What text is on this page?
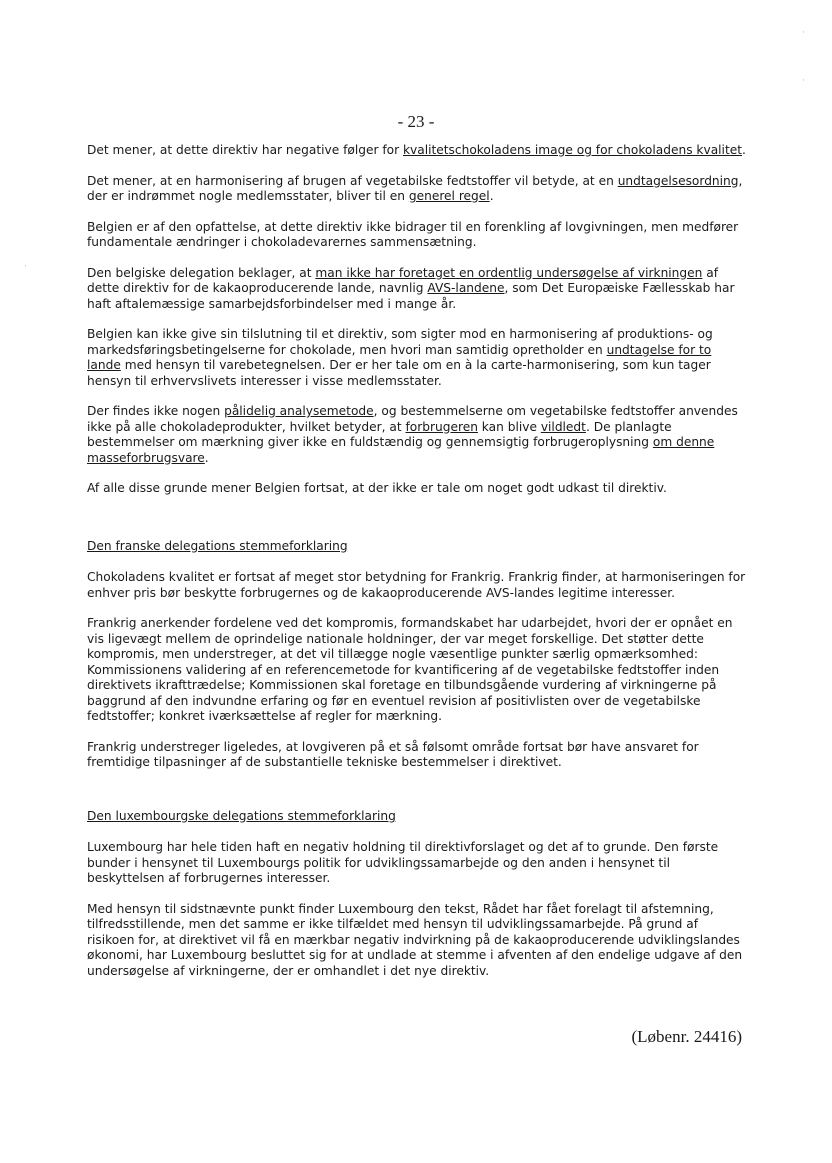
- 23 -
·
·
·

Det mener, at dette direktiv har negative følger for kvalitetschokoladens image og for chokoladens kvalitet.

Det mener, at en harmonisering af brugen af vegetabilske fedtstoffer vil betyde, at en undtagelsesordning, der er indrømmet nogle medlemsstater, bliver til en generel regel.

Belgien er af den opfattelse, at dette direktiv ikke bidrager til en forenkling af lovgivningen, men medfører fundamentale ændringer i chokoladevarernes sammensætning.

Den belgiske delegation beklager, at man ikke har foretaget en ordentlig undersøgelse af virkningen af dette direktiv for de kakaoproducerende lande, navnlig AVS-landene, som Det Europæiske Fællesskab har haft aftalemæssige samarbejdsforbindelser med i mange år.

Belgien kan ikke give sin tilslutning til et direktiv, som sigter mod en harmonisering af produktions- og markedsføringsbetingelserne for chokolade, men hvori man samtidig opretholder en undtagelse for to lande med hensyn til varebetegnelsen. Der er her tale om en à la carte-harmonisering, som kun tager hensyn til erhvervslivets interesser i visse medlemsstater.

Der findes ikke nogen pålidelig analysemetode, og bestemmelserne om vegetabilske fedtstoffer anvendes ikke på alle chokoladeprodukter, hvilket betyder, at forbrugeren kan blive vildledt. De planlagte bestemmelser om mærkning giver ikke en fuldstændig og gennemsigtig forbrugeroplysning om denne masseforbrugsvare.

Af alle disse grunde mener Belgien fortsat, at der ikke er tale om noget godt udkast til direktiv.

Den franske delegations stemmeforklaring

Chokoladens kvalitet er fortsat af meget stor betydning for Frankrig. Frankrig finder, at harmoniseringen for enhver pris bør beskytte forbrugernes og de kakaoproducerende AVS-landes legitime interesser.

Frankrig anerkender fordelene ved det kompromis, formandskabet har udarbejdet, hvori der er opnået en vis ligevægt mellem de oprindelige nationale holdninger, der var meget forskellige. Det støtter dette kompromis, men understreger, at det vil tillægge nogle væsentlige punkter særlig opmærksomhed: Kommissionens validering af en referencemetode for kvantificering af de vegetabilske fedtstoffer inden direktivets ikrafttrædelse; Kommissionen skal foretage en tilbundsgående vurdering af virkningerne på baggrund af den indvundne erfaring og før en eventuel revision af positivlisten over de vegetabilske fedtstoffer; konkret iværksættelse af regler for mærkning.

Frankrig understreger ligeledes, at lovgiveren på et så følsomt område fortsat bør have ansvaret for fremtidige tilpasninger af de substantielle tekniske bestemmelser i direktivet.

Den luxembourgske delegations stemmeforklaring

Luxembourg har hele tiden haft en negativ holdning til direktivforslaget og det af to grunde. Den første bunder i hensynet til Luxembourgs politik for udviklingssamarbejde og den anden i hensynet til beskyttelsen af forbrugernes interesser.

Med hensyn til sidstnævnte punkt finder Luxembourg den tekst, Rådet har fået forelagt til afstemning, tilfredsstillende, men det samme er ikke tilfældet med hensyn til udviklingssamarbejde. På grund af risikoen for, at direktivet vil få en mærkbar negativ indvirkning på de kakaoproducerende udviklingslandes økonomi, har Luxembourg besluttet sig for at undlade at stemme i afventen af den endelige udgave af den undersøgelse af virkningerne, der er omhandlet i det nye direktiv.

(Løbenr. 24416)
